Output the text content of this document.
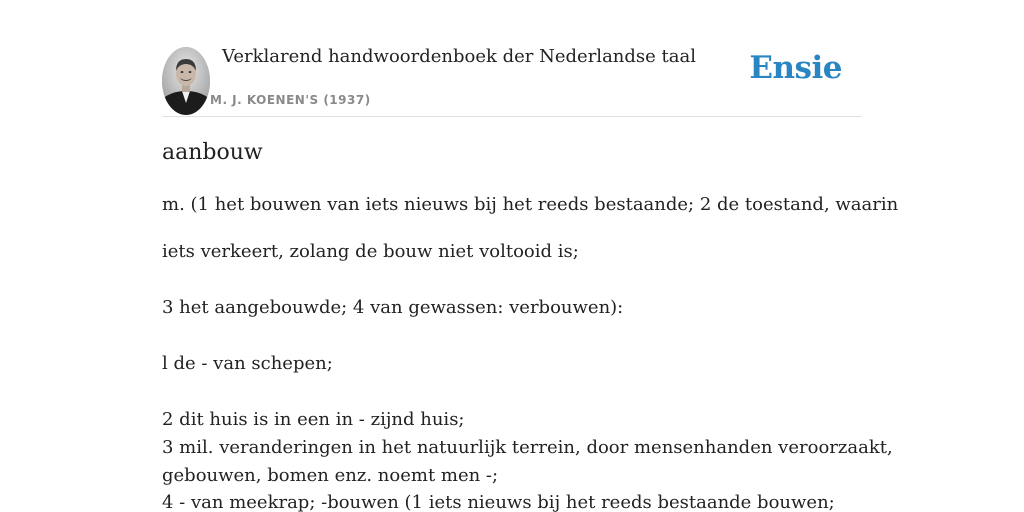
Verklarend handwoordenboek der Nederlandse taal
M. J. KOENEN'S (1937)
Ensie
aanbouw
m. (1 het bouwen van iets nieuws bij het reeds bestaande; 2 de toestand, waarin
iets verkeert, zolang de bouw niet voltooid is;
3 het aangebouwde; 4 van gewassen: verbouwen):
l de - van schepen;
2 dit huis is in een in - zijnd huis;
3 mil. veranderingen in het natuurlijk terrein, door mensenhanden veroorzaakt,
gebouwen, bomen enz. noemt men -;
4 - van meekrap; -bouwen (1 iets nieuws bij het reeds bestaande bouwen;
